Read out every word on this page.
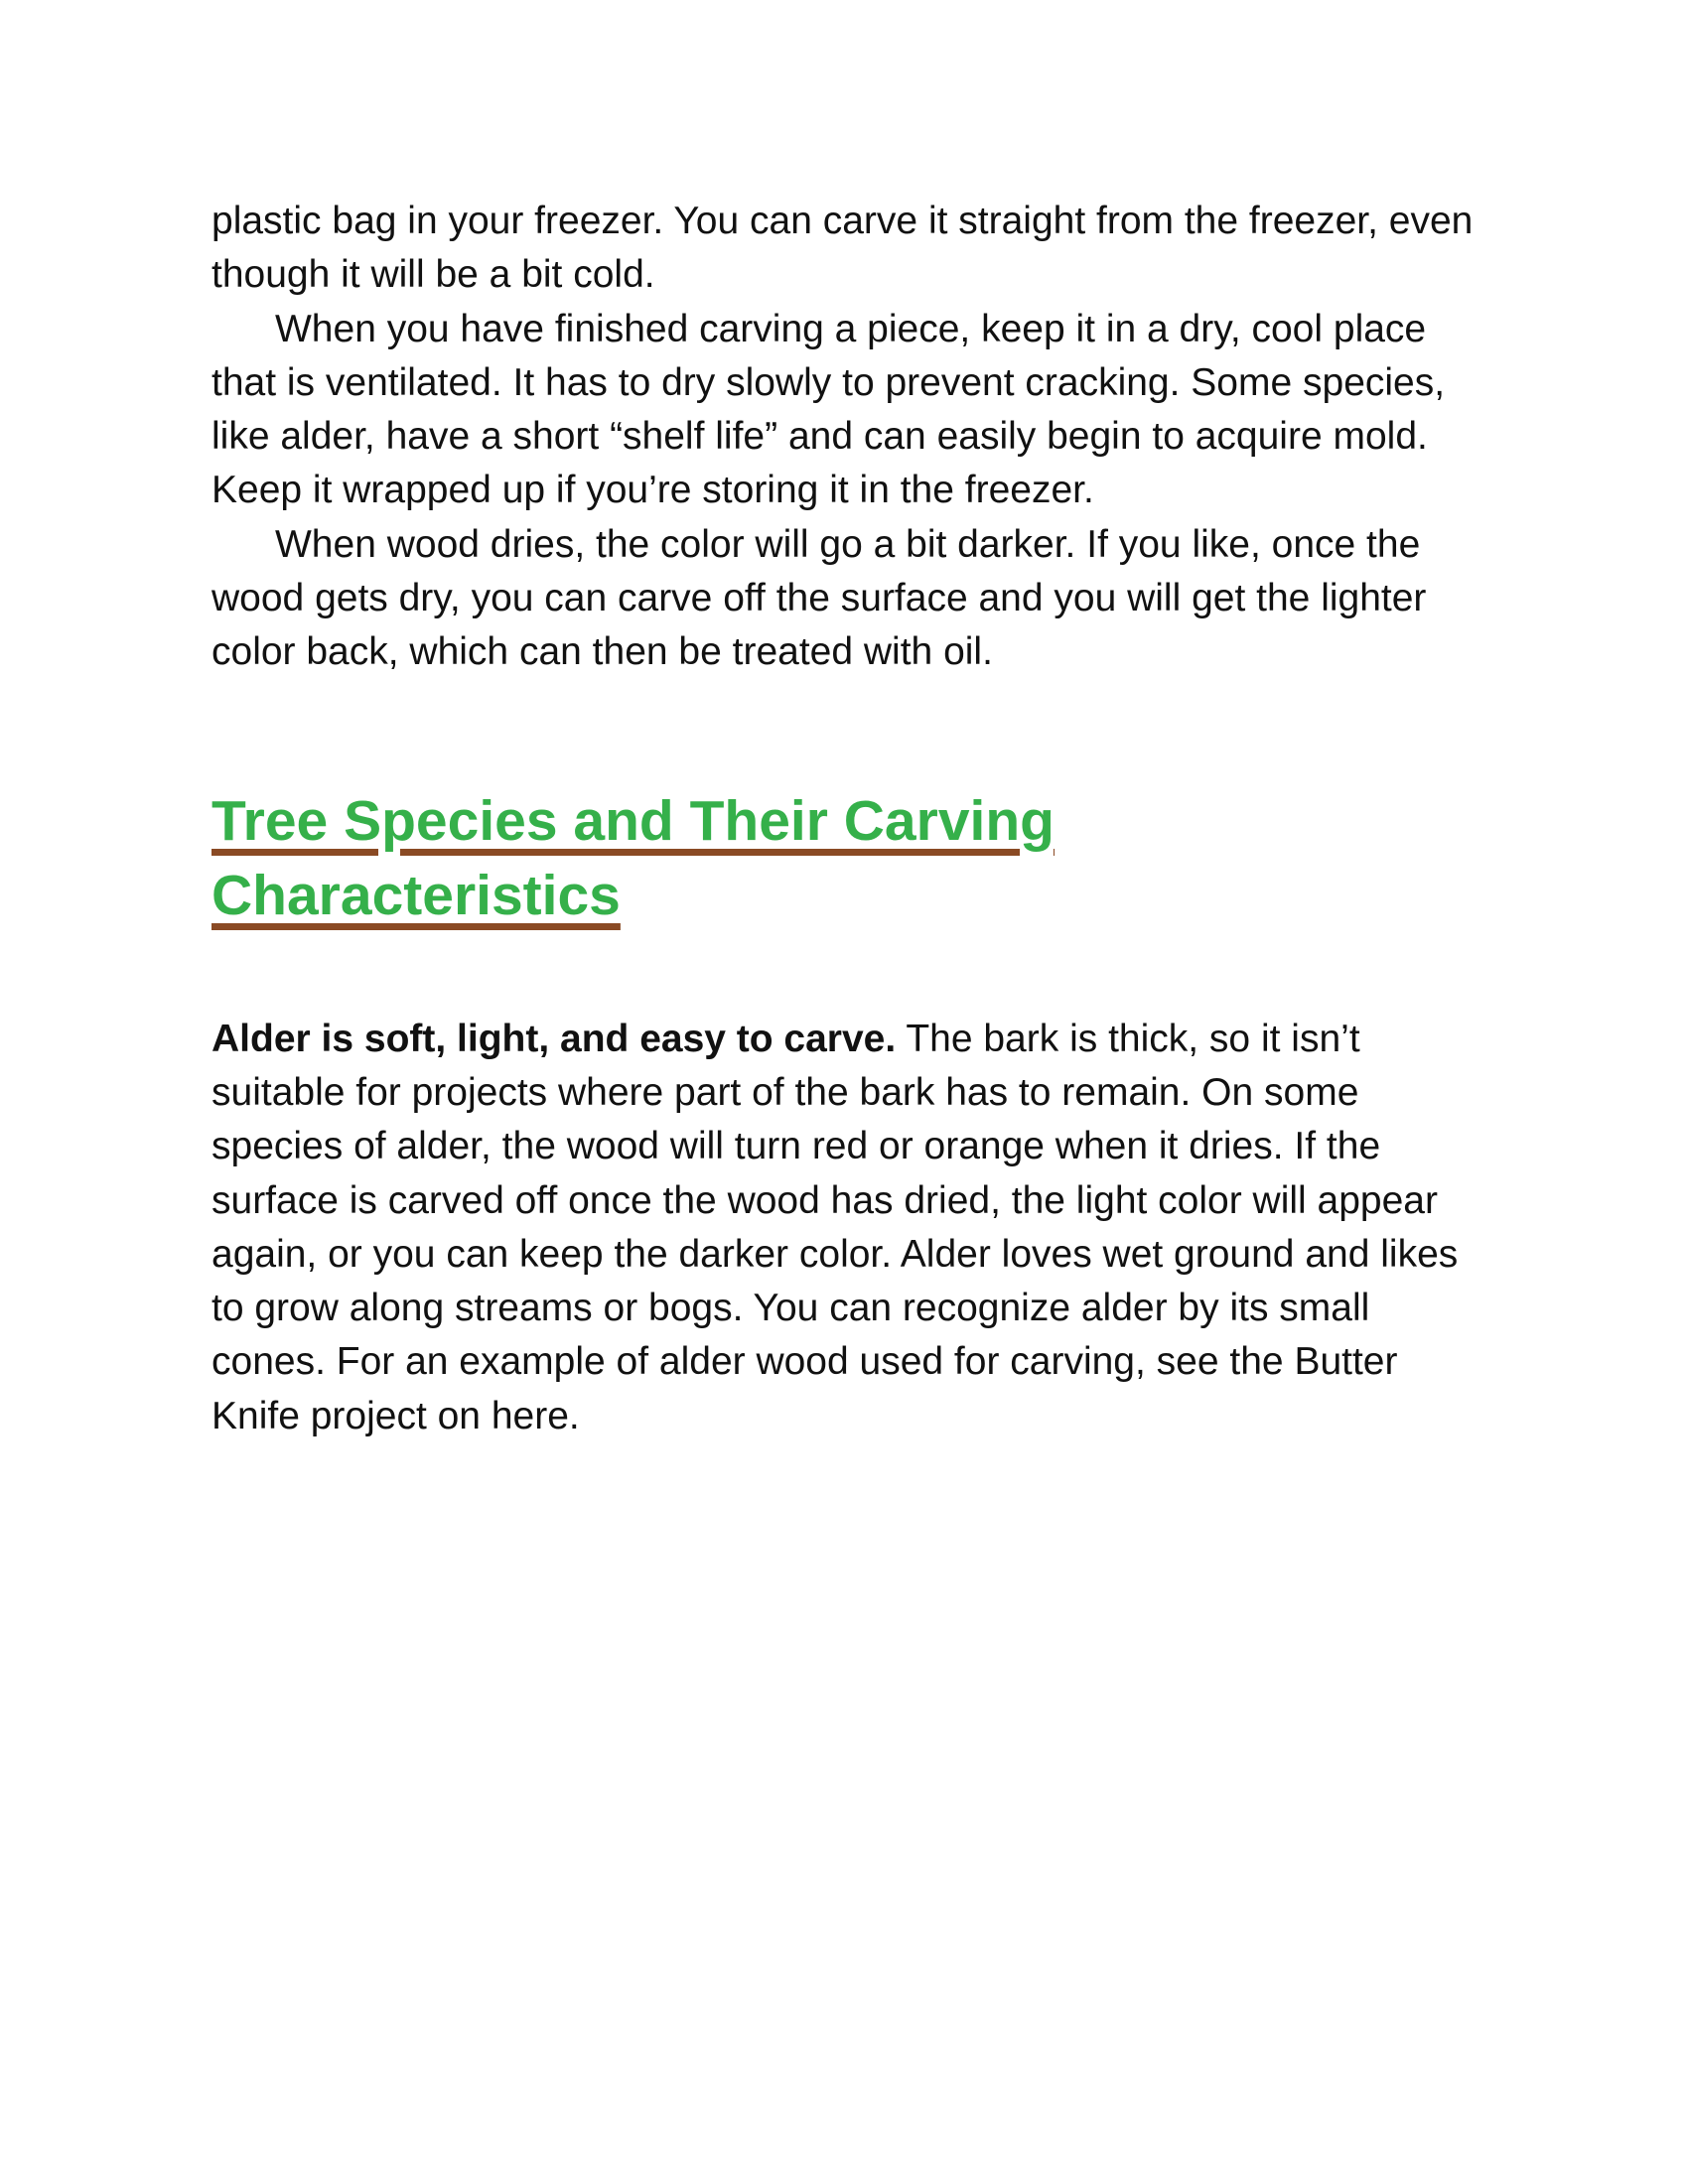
plastic bag in your freezer. You can carve it straight from the freezer, even though it will be a bit cold.

When you have finished carving a piece, keep it in a dry, cool place that is ventilated. It has to dry slowly to prevent cracking. Some species, like alder, have a short “shelf life” and can easily begin to acquire mold. Keep it wrapped up if you’re storing it in the freezer.

When wood dries, the color will go a bit darker. If you like, once the wood gets dry, you can carve off the surface and you will get the lighter color back, which can then be treated with oil.

Tree Species and Their Carving Characteristics

Alder is soft, light, and easy to carve. The bark is thick, so it isn’t suitable for projects where part of the bark has to remain. On some species of alder, the wood will turn red or orange when it dries. If the surface is carved off once the wood has dried, the light color will appear again, or you can keep the darker color. Alder loves wet ground and likes to grow along streams or bogs. You can recognize alder by its small cones. For an example of alder wood used for carving, see the Butter Knife project on here.
